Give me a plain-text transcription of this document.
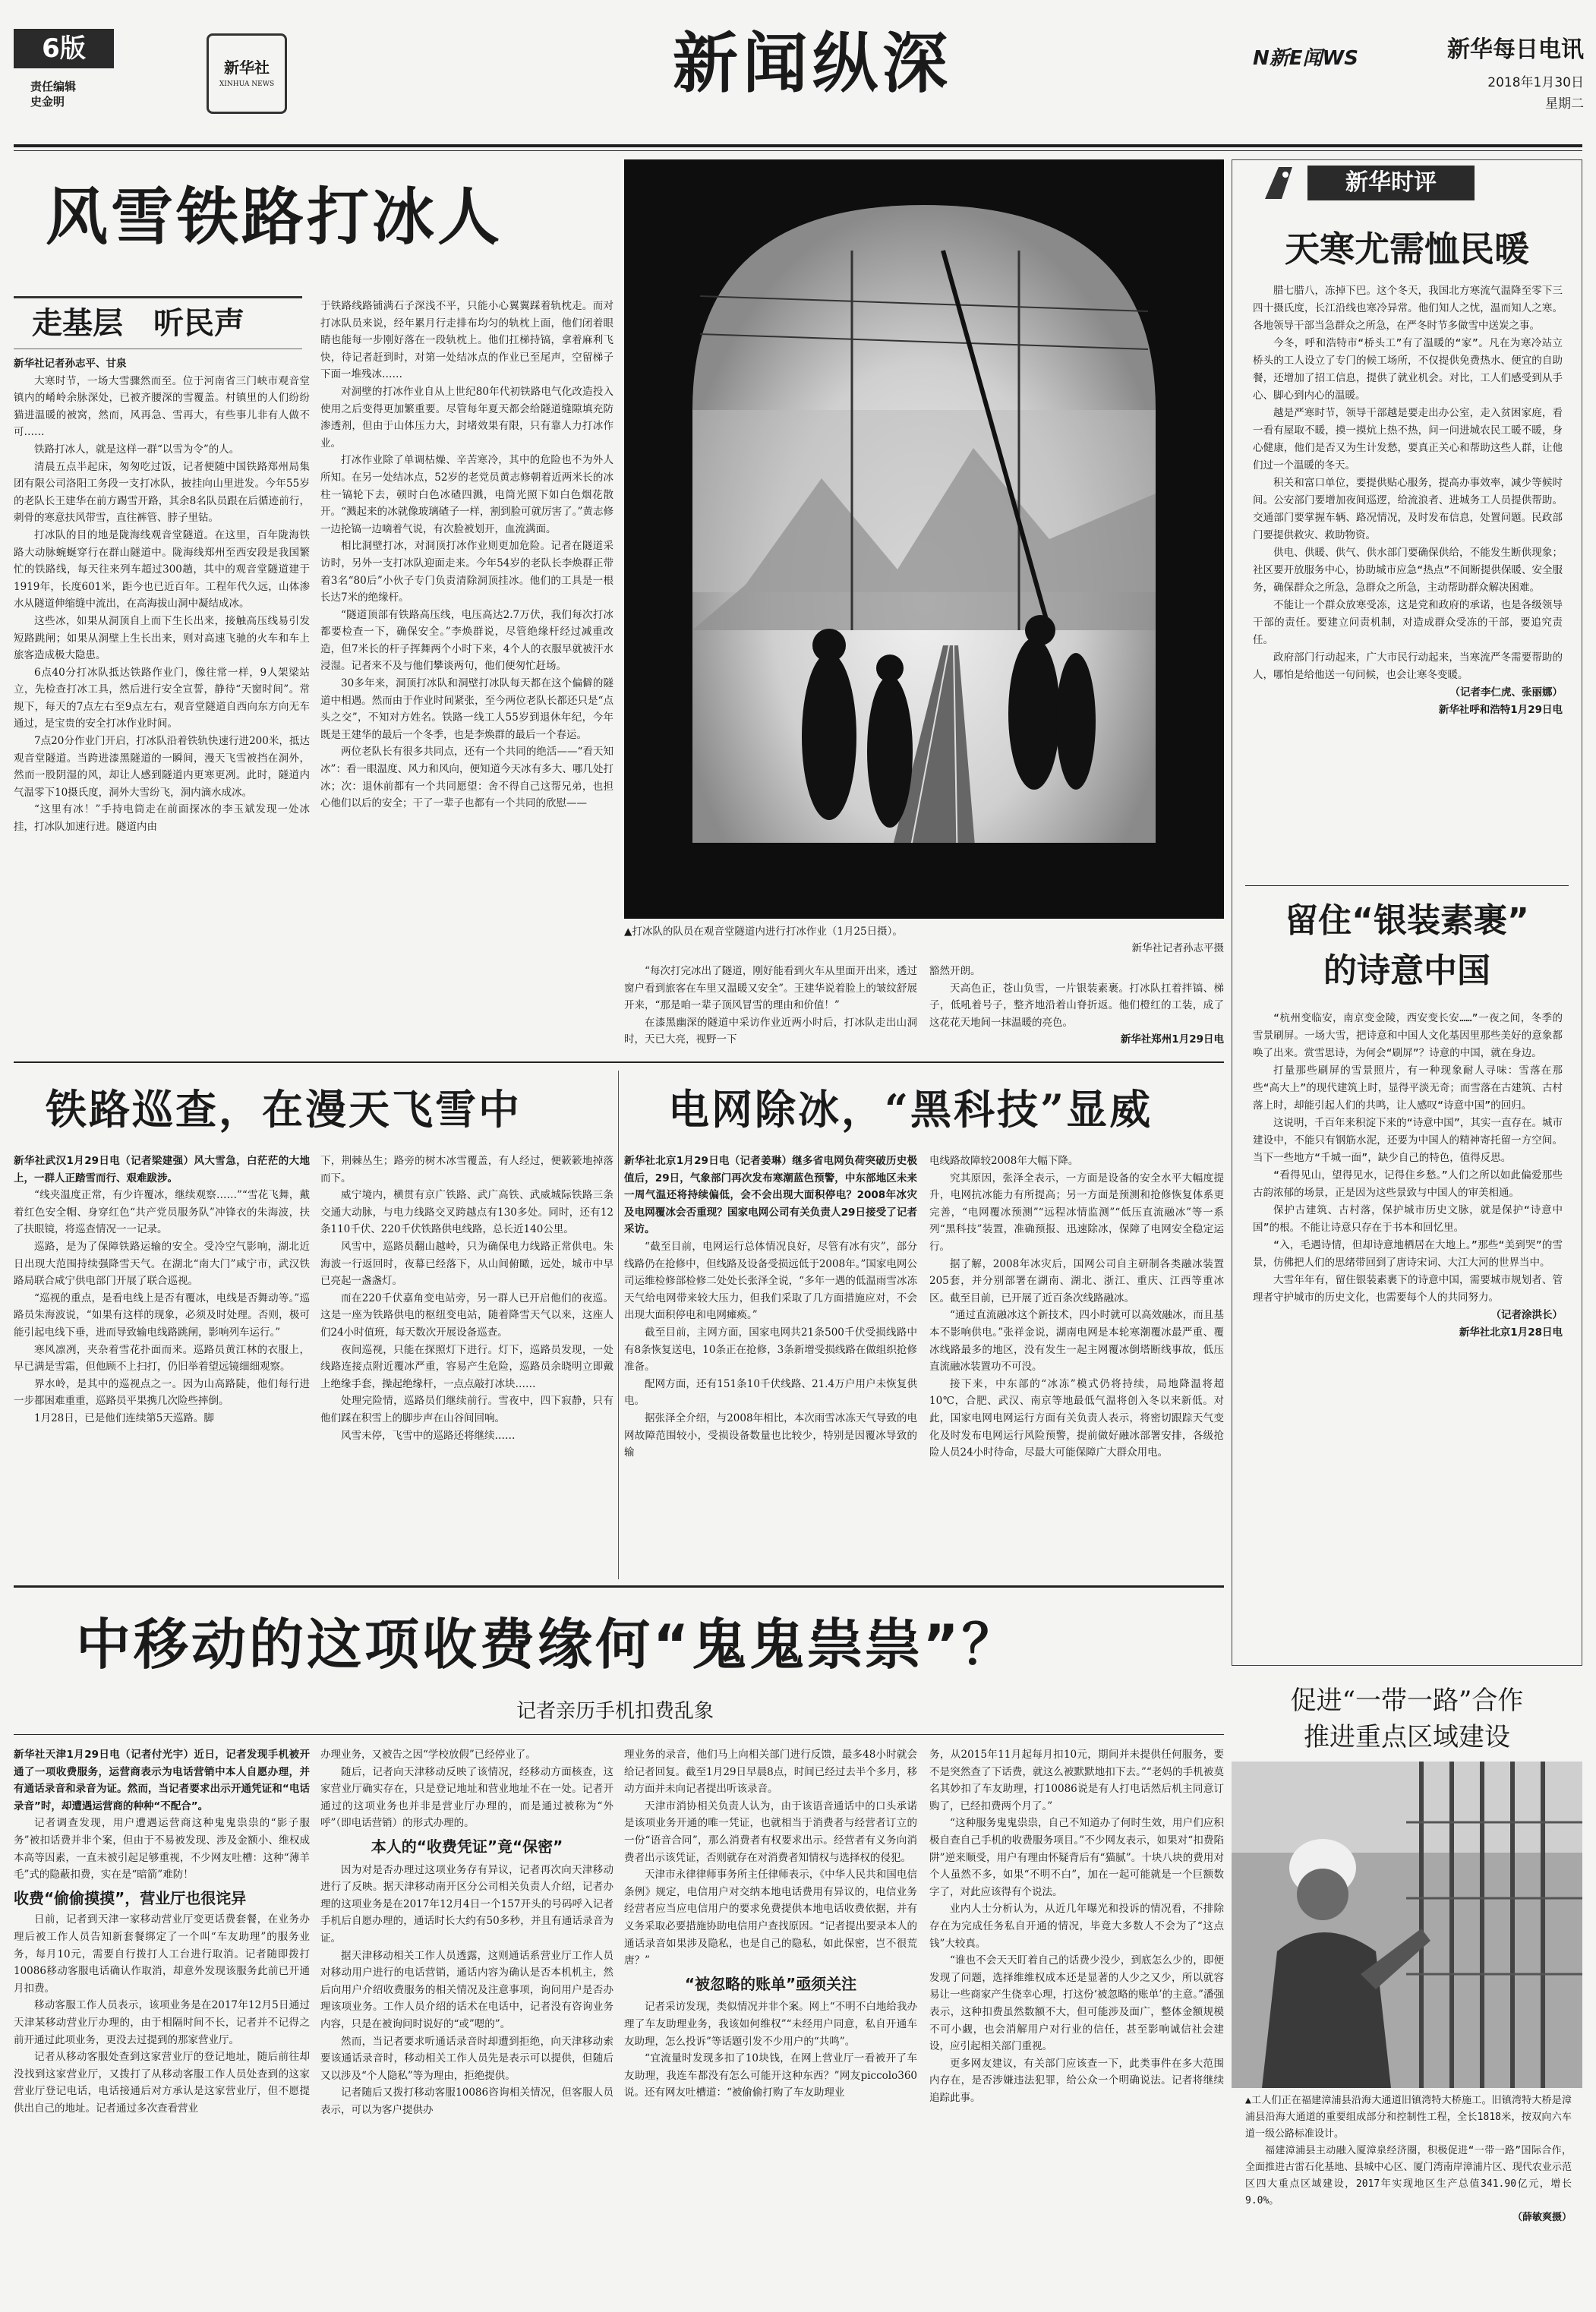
6版
责任编辑
史金明
新华社
XINHUA NEWS	新闻纵深	N新E闻WS	新华每日电讯
2018年1月30日
星期二
风雪铁路打冰人
走基层　听民声

新华社记者孙志平、甘泉

大寒时节，一场大雪骤然而至。位于河南省三门峡市观音堂镇内的崤岭余脉深处，已被齐腰深的雪覆盖。村镇里的人们纷纷猫进温暖的被窝，然而，风再急、雪再大，有些事儿非有人做不可……

铁路打冰人，就是这样一群“以雪为令”的人。

清晨五点半起床，匆匆吃过饭，记者便随中国铁路郑州局集团有限公司洛阳工务段一支打冰队，披挂向山里进发。今年55岁的老队长王建华在前方踢雪开路，其余8名队员跟在后循迹前行，刺骨的寒意扶风带雪，直往裤管、脖子里钻。

打冰队的目的地是陇海线观音堂隧道。在这里，百年陇海铁路大动脉蜿蜒穿行在群山隧道中。陇海线郑州至西安段是我国繁忙的铁路线，每天往来列车超过300趟，其中的观音堂隧道建于1919年，长度601米，距今也已近百年。工程年代久远，山体渗水从隧道伸缩缝中流出，在高海拔山洞中凝结成冰。

这些冰，如果从洞顶自上而下生长出来，接触高压线易引发短路跳闸；如果从洞壁上生长出来，则对高速飞驰的火车和车上旅客造成极大隐患。

6点40分打冰队抵达铁路作业门，像往常一样，9人架梁站立，先检查打冰工具，然后进行安全宣誓，静待“天窗时间”。常规下，每天的7点左右至9点左右，观音堂隧道自西向东方向无车通过，是宝贵的安全打冰作业时间。

7点20分作业门开启，打冰队沿着铁轨快速行进200米，抵达观音堂隧道。当跨进漆黑隧道的一瞬间，漫天飞雪被挡在洞外，然而一股阴湿的风，却让人感到隧道内更寒更冽。此时，隧道内气温零下10摄氏度，洞外大雪纷飞，洞内滴水成冰。

“这里有冰！”手持电筒走在前面探冰的李玉斌发现一处冰挂，打冰队加速行进。隧道内由

于铁路线路铺满石子深浅不平，只能小心翼翼踩着轨枕走。而对打冰队员来说，经年累月行走排布均匀的轨枕上面，他们闭着眼睛也能每一步刚好落在一段轨枕上。他们扛梯持镐，拿着麻利飞快，待记者赶到时，对第一处结冰点的作业已至尾声，空留梯子下面一堆残冰……

对洞壁的打冰作业自从上世纪80年代初铁路电气化改造投入使用之后变得更加繁重要。尽管每年夏天都会给隧道缝隙填充防渗透剂，但由于山体压力大，封堵效果有限，只有靠人力打冰作业。

打冰作业除了单调枯燥、辛苦寒冷，其中的危险也不为外人所知。在另一处结冰点，52岁的老党员黄志修朝着近两米长的冰柱一镐轮下去，顿时白色冰碴四溅，电筒光照下如白色烟花散开。“溅起来的冰就像玻璃碴子一样，割到脸可就厉害了。”黄志修一边抡镐一边嘀着气说，有次脸被划开，血流满面。

相比洞壁打冰，对洞顶打冰作业则更加危险。记者在隧道采访时，另外一支打冰队迎面走来。今年54岁的老队长李焕群正带着3名“80后”小伙子专门负责清除洞顶挂冰。他们的工具是一根长达7米的绝缘杆。

“隧道顶部有铁路高压线，电压高达2.7万伏，我们每次打冰都要检查一下，确保安全。”李焕群说，尽管绝缘杆经过减重改造，但7米长的杆子挥舞两个小时下来，4个人的衣服早就被汗水浸湿。记者来不及与他们攀谈两句，他们便匆忙赶场。

30多年来，洞顶打冰队和洞壁打冰队每天都在这个偏僻的隧道中相遇。然而由于作业时间紧张，至今两位老队长都还只是“点头之交”，不知对方姓名。铁路一线工人55岁到退休年纪，今年既是王建华的最后一个冬季，也是李焕群的最后一个春运。

两位老队长有很多共同点，还有一个共同的绝活——“看天知冰”：看一眼温度、风力和风向，便知道今天冰有多大、哪几处打冰；次：退休前都有一个共同愿望：舍不得自己这帮兄弟，也担心他们以后的安全；干了一辈子也都有一个共同的欣慰——

▲打冰队的队员在观音堂隧道内进行打冰作业（1月25日摄）。
新华社记者孙志平摄

“每次打完冰出了隧道，刚好能看到火车从里面开出来，透过窗户看到旅客在车里又温暖又安全”。王建华说着脸上的皱纹舒展开来，“那是咱一辈子顶风冒雪的理由和价值！”

在漆黑幽深的隧道中采访作业近两小时后，打冰队走出山洞时，天已大亮，视野一下

豁然开朗。

天高色正，苍山负雪，一片银装素裹。打冰队扛着拌镐、梯子，低吼着号子，整齐地沿着山脊折返。他们橙红的工装，成了这花花天地间一抹温暖的亮色。

新华社郑州1月29日电

铁路巡查，在漫天飞雪中

新华社武汉1月29日电（记者梁建强）风大雪急，白茫茫的大地上，一群人正踏雪而行、艰难跋涉。

“线夹温度正常，有少许覆冰，继续观察……”“雪花飞舞，戴着红色安全帽、身穿红色“共产党员服务队”冲锋衣的朱海波，扶了扶眼镜，将巡查情况一一记录。

巡路，是为了保障铁路运输的安全。受冷空气影响，湖北近日出现大范围持续强降雪天气。在湖北“南大门”咸宁市，武汉铁路局联合咸宁供电部门开展了联合巡视。

“巡视的重点，是看电线上是否有覆冰，电线是否舞动等。”巡路员朱海波说，“如果有这样的现象，必须及时处理。否则，极可能引起电线下垂，进而导致输电线路跳闸，影响列车运行。”

寒风凛冽，夹杂着雪花扑面而来。巡路员黄江林的衣服上，早已满是雪霜，但他顾不上扫打，仍旧举着望远镜细细观察。

界水岭，是其中的巡视点之一。因为山高路陡，他们每行进一步都困难重重，巡路员平果携几次险些摔倒。

1月28日，已是他们连续第5天巡路。脚

下，荆棘丛生；路旁的树木冰雪覆盖，有人经过，便簌簌地掉落而下。

威宁境内，横贯有京广铁路、武广高铁、武威城际铁路三条交通大动脉，与电力线路交叉跨越点有130多处。同时，还有12条110千伏、220千伏铁路供电线路，总长近140公里。

风雪中，巡路员翻山越岭，只为确保电力线路正常供电。朱海波一行返回时，夜幕已经落下，从山间俯瞰，远处，城市中早已亮起一盏盏灯。

而在220千伏嘉角变电站旁，另一群人已开启他们的夜巡。这是一座为铁路供电的枢纽变电站，随着降雪天气以来，这座人们24小时值班，每天数次开展设备巡查。

夜间巡视，只能在探照灯下进行。灯下，巡路员发现，一处线路连接点附近覆冰严重，容易产生危险，巡路员余晓明立即戴上绝缘手套，操起绝缘杆，一点点敲打冰块……

处理完险情，巡路员们继续前行。雪夜中，四下寂静，只有他们踩在积雪上的脚步声在山谷间回响。

风雪未停，飞雪中的巡路还将继续……

电网除冰，“黑科技”显威

新华社北京1月29日电（记者姜琳）继多省电网负荷突破历史极值后，29日，气象部门再次发布寒潮蓝色预警，中东部地区未来一周气温还将持续偏低，会不会出现大面积停电？2008年冰灾及电网覆冰会否重现？国家电网公司有关负责人29日接受了记者采访。

“截至目前，电网运行总体情况良好，尽管有冰有灾”，部分线路仍在抢修中，但线路及设备受损远低于2008年。”国家电网公司运维检修部检修二处处长张泽全说，“多年一遇的低温雨雪冰冻天气给电网带来较大压力，但我们采取了几方面措施应对，不会出现大面积停电和电网瘫痪。”

截至目前，主网方面，国家电网共21条500千伏受损线路中有8条恢复送电，10条正在抢修，3条新增受损线路在做组织抢修准备。

配网方面，还有151条10千伏线路、21.4万户用户未恢复供电。

据张泽全介绍，与2008年相比，本次雨雪冰冻天气导致的电网故障范围较小，受损设备数量也比较少，特别是因覆冰导致的输

电线路故障较2008年大幅下降。

究其原因，张泽全表示，一方面是设备的安全水平大幅度提升，电网抗冰能力有所提高；另一方面是预测和抢修恢复体系更完善，“电网覆冰预测”“远程冰情监测”“低压直流融冰”等一系列“黑科技”装置，准确预报、迅速除冰，保障了电网安全稳定运行。

据了解，2008年冰灾后，国网公司自主研制各类融冰装置205套，并分别部署在湖南、湖北、浙江、重庆、江西等重冰区。截至目前，已开展了近百条次线路融冰。

“通过直流融冰这个新技术，四小时就可以高效融冰，而且基本不影响供电。”张祥金说，湖南电网是本轮寒潮覆冰最严重、覆冰线路最多的地区，没有发生一起主网覆冰倒塔断线事故，低压直流融冰装置功不可没。

接下来，中东部的“冰冻”模式仍将持续，局地降温将超10℃，合肥、武汉、南京等地最低气温将创入冬以来新低。对此，国家电网电网运行方面有关负责人表示，将密切跟踪天气变化及时发布电网运行风险预警，提前做好融冰部署安排，各级抢险人员24小时待命，尽最大可能保障广大群众用电。

中移动的这项收费缘何“鬼鬼祟祟”？
记者亲历手机扣费乱象

新华社天津1月29日电（记者付光宇）近日，记者发现手机被开通了一项收费服务，运营商表示为电话营销中本人自愿办理，并有通话录音和录音为证。然而，当记者要求出示开通凭证和“电话录音”时，却遭遇运营商的种种“不配合”。

记者调查发现，用户遭遇运营商这种鬼鬼祟祟的“影子服务”被扣话费并非个案，但由于不易被发现、涉及金额小、维权成本高等因素，一直未被引起足够重视，不少网友吐槽：这种“薄羊毛”式的隐蔽扣费，实在是“暗箭”难防！

收费“偷偷摸摸”，营业厅也很诧异

日前，记者到天津一家移动营业厅变更话费套餐，在业务办理后被工作人员告知新套餐绑定了一个叫“车友助理”的服务业务，每月10元，需要自行拨打人工台进行取消。记者随即拨打10086移动客服电话确认作取消，却意外发现该服务此前已开通月扣费。

移动客服工作人员表示，该项业务是在2017年12月5日通过天津某移动营业厅办理的，由于相隔时间不长，记者并不记得之前开通过此项业务，更没去过提到的那家营业厅。

记者从移动客服处查到这家营业厅的登记地址，随后前往却没找到这家营业厅，又拨打了从移动客服工作人员处查到的这家营业厅登记电话，电话接通后对方承认是这家营业厅，但不愿提供出自己的地址。记者通过多次查看营业

办理业务，又被告之因“学校放假”已经停业了。

随后，记者向天津移动反映了该情况，经移动方面核查，这家营业厅确实存在，只是登记地址和营业地址不在一处。记者开通过的这项业务也并非是营业厅办理的，而是通过被称为“外呼”（即电话营销）的形式办理的。

本人的“收费凭证”竟“保密”

因为对是否办理过这项业务存有异议，记者再次向天津移动进行了反映。据天津移动南开区分公司相关负责人介绍，记者办理的这项业务是在2017年12月4日一个157开头的号码呼入记者手机后自愿办理的，通话时长大约有50多秒，并且有通话录音为证。

据天津移动相关工作人员透露，这则通话系营业厅工作人员对移动用户进行的电话营销，通话内容为确认是否本机机主，然后向用户介绍收费服务的相关情况及注意事项，询问用户是否办理该项业务。工作人员介绍的话术在电话中，记者没有咨询业务内容，只是在被询问时说好的“或”嗯的”。

然而，当记者要求听通话录音时却遭到拒绝，向天津移动索要该通话录音时，移动相关工作人员先是表示可以提供，但随后又以涉及“个人隐私”等为理由，拒绝提供。

记者随后又拨打移动客服10086咨询相关情况，但客服人员表示，可以为客户提供办

理业务的录音，他们马上向相关部门进行反馈，最多48小时就会给记者回复。截至1月29日早晨8点，时间已经过去半个多月，移动方面并未向记者提出听该录音。

天津市消协相关负责人认为，由于该语音通话中的口头承诺是该项业务开通的唯一凭证，也就相当于消费者与经营者订立的一份“语音合同”，那么消费者有权要求出示。经营者有义务向消费者出示该凭证，否则就存在对消费者知情权与选择权的侵犯。

天津市永律律师事务所主任律师表示，《中华人民共和国电信条例》规定，电信用户对交纳本地电话费用有异议的，电信业务经营者应当应电信用户的要求免费提供本地电话收费依据，并有义务采取必要措施协助电信用户查找原因。“记者提出要录本人的通话录音如果涉及隐私，也是自己的隐私，如此保密，岂不很荒唐？”

“被忽略的账单”亟须关注

记者采访发现，类似情况并非个案。网上“不明不白地给我办理了车友助理业务，我该如何维权”“未经用户同意，私自开通车友助理，怎么投诉”等话题引发不少用户的“共鸣”。

“宜流量时发现多扣了10块钱，在网上营业厅一看被开了车友助理，我连车都没有怎么可能开这种东西？”网友piccolo360说。还有网友吐槽道：“被偷偷打购了车友助理业

务，从2015年11月起每月扣10元，期间并未提供任何服务，要不是突然查了下话费，就这么被默默地扣下去。”“老妈的手机被莫名其妙扣了车友助理，打10086说是有人打电话然后机主同意订购了，已经扣费两个月了。”

“这种服务鬼鬼祟祟，自己不知道办了何时生效，用户们应积极自查自己手机的收费服务项目。”不少网友表示，如果对“扣费陷阱”逆来顺受，用户有理由怀疑背后有“猫腻”。十块八块的费用对个人虽然不多，如果“不明不白”，加在一起可能就是一个巨额数字了，对此应该得有个说法。

业内人士分析认为，从近几年曝光和投诉的情况看，不排除存在为完成任务私自开通的情况，毕竟大多数人不会为了“这点钱”大较真。

“谁也不会天天盯着自己的话费少没少，到底怎么少的，即便发现了问题，选择维维权成本还是显著的人少之又少，所以就容易让一些商家产生侥幸心理，打这份‘被忽略的账单’的主意。”潘强表示，这种扣费虽然数额不大，但可能涉及面广，整体金额规模不可小觑，也会消解用户对行业的信任，甚至影响诚信社会建设，应引起相关部门重视。

更多网友建议，有关部门应该查一下，此类事件在多大范围内存在，是否涉嫌违法犯罪，给公众一个明确说法。记者将继续追踪此事。

新华时评
天寒尤需恤民暖

腊七腊八，冻掉下巴。这个冬天，我国北方寒流气温降至零下三四十摄氏度，长江沿线也寒冷异常。他们知人之忧，温而知人之寒。各地领导干部当急群众之所急，在严冬时节多做雪中送炭之事。

今冬，呼和浩特市“桥头工”有了温暖的“家”。凡在为寒冷站立桥头的工人设立了专门的候工场所，不仅提供免费热水、便宜的自助餐，还增加了招工信息，提供了就业机会。对比，工人们感受到从手心、脚心到内心的温暖。

越是严寒时节，领导干部越是要走出办公室，走入贫困家庭，看一看有屋取不暖，摸一摸炕上热不热，问一问进城农民工暖不暖，身心健康，他们是否又为生计发愁，要真正关心和帮助这些人群，让他们过一个温暖的冬天。

积关和富口单位，要提供贴心服务，提高办事效率，减少等候时间。公安部门要增加夜间巡逻，给流浪者、进城务工人员提供帮助。交通部门要掌握车辆、路况情况，及时发布信息，处置问题。民政部门要提供救灾、救助物资。

供电、供暖、供气、供水部门要确保供给，不能发生断供现象；社区要开放服务中心，协助城市应急“热点”不间断提供保暖、安全服务，确保群众之所急，急群众之所急，主动帮助群众解决困难。

不能让一个群众放寒受冻，这是党和政府的承诺，也是各级领导干部的责任。要建立问责机制，对造成群众受冻的干部，要追究责任。

政府部门行动起来，广大市民行动起来，当寒流严冬需要帮助的人，哪怕是给他送一句问候，也会让寒冬变暖。

（记者李仁虎、张丽娜）

新华社呼和浩特1月29日电

留住“银装素裹”
的诗意中国

“杭州变临安，南京变金陵，西安变长安……”一夜之间，冬季的雪景刷屏。一场大雪，把诗意和中国人文化基因里那些美好的意象都唤了出来。赏雪思诗，为何会“刷屏”？诗意的中国，就在身边。

打量那些刷屏的雪景照片，有一种现象耐人寻味：雪落在那些“高大上”的现代建筑上时，显得平淡无奇；而雪落在古建筑、古村落上时，却能引起人们的共鸣，让人感叹“诗意中国”的回归。

这说明，千百年来积淀下来的“诗意中国”，其实一直存在。城市建设中，不能只有钢筋水泥，还要为中国人的精神寄托留一方空间。当下一些地方“千城一面”，缺少自己的特色，值得反思。

“看得见山，望得见水，记得住乡愁。”人们之所以如此偏爱那些古韵浓郁的场景，正是因为这些景致与中国人的审美相通。

保护古建筑、古村落，保护城市历史文脉，就是保护“诗意中国”的根。不能让诗意只存在于书本和回忆里。

“入，毛遇诗情，但却诗意地栖居在大地上。”那些“美到哭”的雪景，仿佛把人们的思绪带回到了唐诗宋词、大江大河的世界当中。

大雪年年有，留住银装素裹下的诗意中国，需要城市规划者、管理者守护城市的历史文化，也需要每个人的共同努力。

（记者涂洪长）

新华社北京1月28日电

促进“一带一路”合作
推进重点区域建设

▲工人们正在福建漳浦县沿海大通道旧镇湾特大桥施工。旧镇湾特大桥是漳浦县沿海大通道的重要组成部分和控制性工程，全长1818米，按双向六车道一级公路标准设计。

福建漳浦县主动融入厦漳泉经济圈，积极促进“一带一路”国际合作，全面推进古雷石化基地、县城中心区、厦门湾南岸漳浦片区、现代农业示范区四大重点区域建设，2017年实现地区生产总值341.90亿元，增长9.0%。

（薛敏爽摄）
